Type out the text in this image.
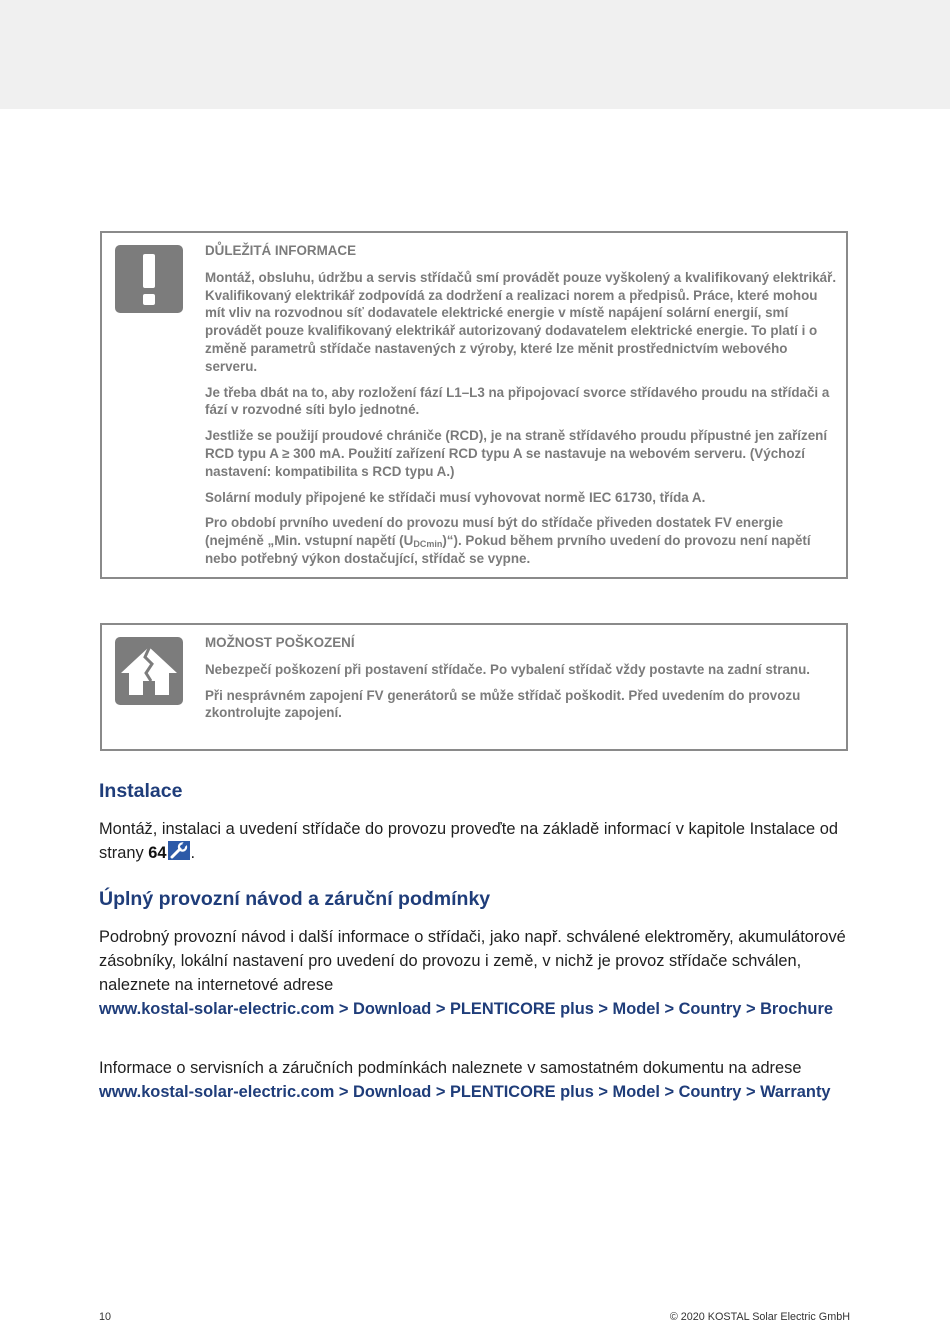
DŮLEŽITÁ INFORMACE

Montáž, obsluhu, údržbu a servis střídačů smí provádět pouze vyškolený a kvalifikovaný elektrikář. Kvalifikovaný elektrikář zodpovídá za dodržení a realizaci norem a předpisů. Práce, které mohou mít vliv na rozvodnou síť dodavatele elektrické energie v místě napájení solární energií, smí provádět pouze kvalifikovaný elektrikář autorizovaný dodavatelem elektrické energie. To platí i o změně parametrů střídače nastavených z výroby, které lze měnit prostřednictvím webového serveru.

Je třeba dbát na to, aby rozložení fází L1–L3 na připojovací svorce střídavého proudu na střídači a fází v rozvodné síti bylo jednotné.

Jestliže se použijí proudové chrániče (RCD), je na straně střídavého proudu přípustné jen zařízení RCD typu A ≥ 300 mA. Použití zařízení RCD typu A se nastavuje na webovém serveru. (Výchozí nastavení: kompatibilita s RCD typu A.)

Solární moduly připojené ke střídači musí vyhovovat normě IEC 61730, třída A.

Pro období prvního uvedení do provozu musí být do střídače přiveden dostatek FV energie (nejméně „Min. vstupní napětí $(U_{DCmin})“$). Pokud během prvního uvedení do provozu není napětí nebo potřebný výkon dostačující, střídač se vypne.

MOŽNOST POŠKOZENÍ

Nebezpečí poškození při postavení střídače. Po vybalení střídač vždy postavte na zadní stranu.

Při nesprávném zapojení FV generátorů se může střídač poškodit. Před uvedením do provozu zkontrolujte zapojení.

Instalace

Montáž, instalaci a uvedení střídače do provozu proveďte na základě informací v kapitole Instalace od strany 64 .

Úplný provozní návod a záruční podmínky

Podrobný provozní návod i další informace o střídači, jako např. schválené elektroměry, akumulátorové zásobníky, lokální nastavení pro uvedení do provozu i země, v nichž je provoz střídače schválen, naleznete na internetové adrese
www.kostal-solar-electric.com > Download > PLENTICORE plus > Model > Country > Brochure

Informace o servisních a záručních podmínkách naleznete v samostatném dokumentu na adrese
www.kostal-solar-electric.com > Download > PLENTICORE plus > Model > Country > Warranty

10	© 2020 KOSTAL Solar Electric GmbH
